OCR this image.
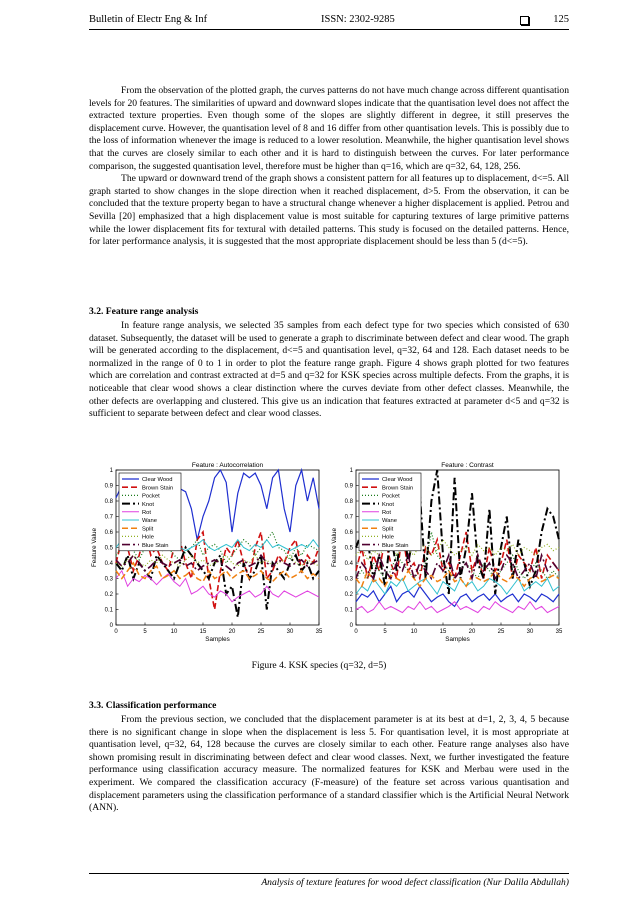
Bulletin of Electr Eng & Inf	ISSN: 2302-9285	125

From the observation of the plotted graph, the curves patterns do not have much change across different quantisation levels for 20 features. The similarities of upward and downward slopes indicate that the quantisation level does not affect the extracted texture properties. Even though some of the slopes are slightly different in degree, it still preserves the displacement curve. However, the quantisation level of 8 and 16 differ from other quantisation levels. This is possibly due to the loss of information whenever the image is reduced to a lower resolution. Meanwhile, the higher quantisation level shows that the curves are closely similar to each other and it is hard to distinguish between the curves. For later performance comparison, the suggested quantisation level, therefore must be higher than q=16, which are q=32, 64, 128, 256.

The upward or downward trend of the graph shows a consistent pattern for all features up to displacement, d<=5. All graph started to show changes in the slope direction when it reached displacement, d>5. From the observation, it can be concluded that the texture property began to have a structural change whenever a higher displacement is applied. Petrou and Sevilla [20] emphasized that a high displacement value is most suitable for capturing textures of large primitive patterns while the lower displacement fits for textural with detailed patterns. This study is focused on the detailed patterns. Hence, for later performance analysis, it is suggested that the most appropriate displacement should be less than 5 (d<=5).

3.2. Feature range analysis

In feature range analysis, we selected 35 samples from each defect type for two species which consisted of 630 dataset. Subsequently, the dataset will be used to generate a graph to discriminate between defect and clear wood. The graph will be generated according to the displacement, d<=5 and quantisation level, q=32, 64 and 128. Each dataset needs to be normalized in the range of 0 to 1 in order to plot the feature range graph. Figure 4 shows graph plotted for two features which are correlation and contrast extracted at d=5 and q=32 for KSK species across multiple defects. From the graphs, it is noticeable that clear wood shows a clear distinction where the curves deviate from other defect classes. Meanwhile, the other defects are overlapping and clustered. This give us an indication that features extracted at parameter d<5 and q=32 is sufficient to separate between defect and clear wood classes.

Feature : Autocorrelation
0	5	10	15	20	25	30	35
0
0.1
0.2
0.3
0.4
0.5
0.6
0.7
0.8
0.9
1
Samples
Feature Value
Clear Wood
Brown Stain
Pocket
Knot
Rot
Wane
Split
Hole
Blue Stain
Feature : Contrast
0	5	10	15	20	25	30	35
0
0.1
0.2
0.3
0.4
0.5
0.6
0.7
0.8
0.9
1
Samples
Feature Value
Clear Wood
Brown Stain
Pocket
Knot
Rot
Wane
Split
Hole
Blue Stain
Figure 4. KSK species (q=32, d=5)
3.3. Classification performance

From the previous section, we concluded that the displacement parameter is at its best at d=1, 2, 3, 4, 5 because there is no significant change in slope when the displacement is less 5. For quantisation level, it is most appropriate at quantisation level, q=32, 64, 128 because the curves are closely similar to each other. Feature range analyses also have shown promising result in discriminating between defect and clear wood classes. Next, we further investigated the feature performance using classification accuracy measure. The normalized features for KSK and Merbau were used in the experiment. We compared the classification accuracy (F-measure) of the feature set across various quantisation and displacement parameters using the classification performance of a standard classifier which is the Artificial Neural Network (ANN).

Analysis of texture features for wood defect classification (Nur Dalila Abdullah)
